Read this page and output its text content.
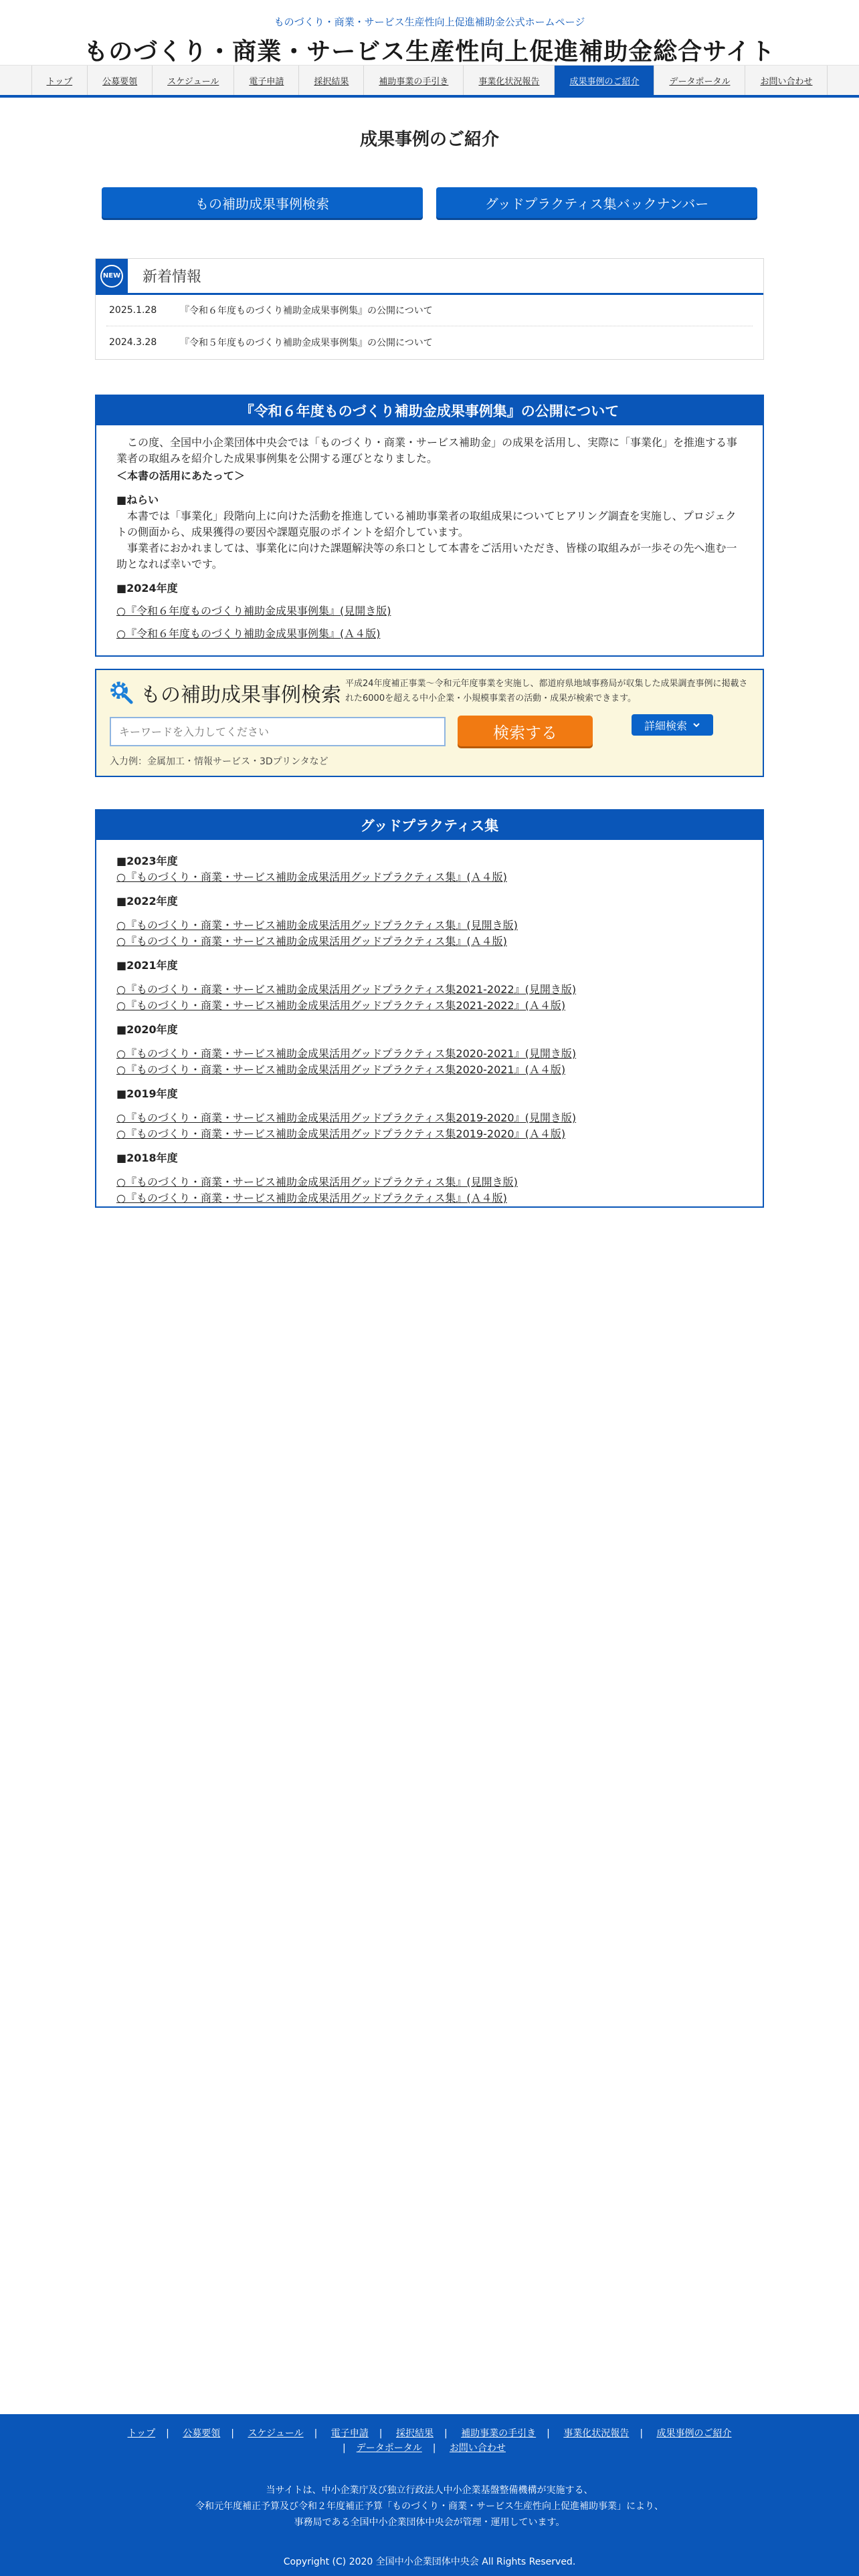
ものづくり・商業・サービス生産性向上促進補助金公式ホームページ
ものづくり・商業・サービス生産性向上促進補助金総合サイト
トップ	公募要領	スケジュール	電子申請	採択結果	補助事業の手引き	事業化状況報告	成果事例のご紹介	データポータル	お問い合わせ
成果事例のご紹介
もの補助成果事例検索	グッドプラクティス集バックナンバー
NEW 新着情報
2025.1.28	『令和６年度ものづくり補助金成果事例集』の公開について
2024.3.28	『令和５年度ものづくり補助金成果事例集』の公開について
『令和６年度ものづくり補助金成果事例集』の公開について

　この度、全国中小企業団体中央会では「ものづくり・商業・サービス補助金」の成果を活用し、実際に「事業化」を推進する事業者の取組みを紹介した成果事例集を公開する運びとなりました。

＜本書の活用にあたって＞

■ねらい

　本書では「事業化」段階向上に向けた活動を推進している補助事業者の取組成果についてヒアリング調査を実施し、プロジェクトの側面から、成果獲得の要因や課題克服のポイントを紹介しています。

　事業者におかれましては、事業化に向けた課題解決等の糸口として本書をご活用いただき、皆様の取組みが一歩その先へ進む一助となれば幸いです。

■2024年度

○『令和６年度ものづくり補助金成果事例集』(見開き版)

○『令和６年度ものづくり補助金成果事例集』(Ａ４版)

もの補助成果事例検索 平成24年度補正事業〜令和元年度事業を実施し、都道府県地域事務局が収集した成果調査事例に掲載された6000を超える中小企業・小規模事業者の活動・成果が検索できます。
キーワードを入力してください
検索する	詳細検索
入力例：金属加工・情報サービス・3Dプリンタなど
グッドプラクティス集

■2023年度

○『ものづくり・商業・サービス補助金成果活用グッドプラクティス集』(Ａ４版)

■2022年度

○『ものづくり・商業・サービス補助金成果活用グッドプラクティス集』(見開き版)

○『ものづくり・商業・サービス補助金成果活用グッドプラクティス集』(Ａ４版)

■2021年度

○『ものづくり・商業・サービス補助金成果活用グッドプラクティス集2021-2022』(見開き版)

○『ものづくり・商業・サービス補助金成果活用グッドプラクティス集2021-2022』(Ａ４版)

■2020年度

○『ものづくり・商業・サービス補助金成果活用グッドプラクティス集2020-2021』(見開き版)

○『ものづくり・商業・サービス補助金成果活用グッドプラクティス集2020-2021』(Ａ４版)

■2019年度

○『ものづくり・商業・サービス補助金成果活用グッドプラクティス集2019-2020』(見開き版)

○『ものづくり・商業・サービス補助金成果活用グッドプラクティス集2019-2020』(Ａ４版)

■2018年度

○『ものづくり・商業・サービス補助金成果活用グッドプラクティス集』(見開き版)

○『ものづくり・商業・サービス補助金成果活用グッドプラクティス集』(Ａ４版)

トップ | 公募要領 | スケジュール | 電子申請 | 採択結果 | 補助事業の手引き | 事業化状況報告 | 成果事例のご紹介
| データポータル | お問い合わせ
当サイトは、中小企業庁及び独立行政法人中小企業基盤整備機構が実施する、
令和元年度補正予算及び令和２年度補正予算「ものづくり・商業・サービス生産性向上促進補助事業」により、
事務局である全国中小企業団体中央会が管理・運用しています。
Copyright (C) 2020 全国中小企業団体中央会 All Rights Reserved.
